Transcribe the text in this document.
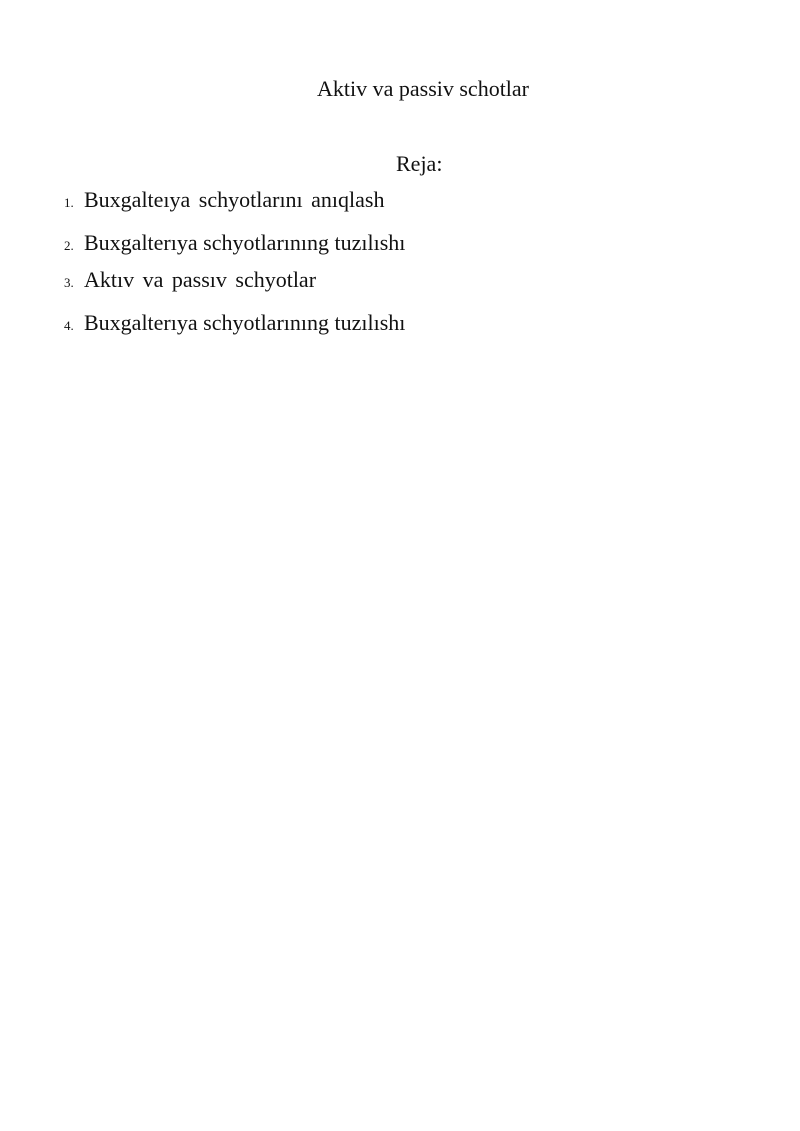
Aktiv va passiv schotlar
Reja:
1. Buxgalteıya schyotlarını anıqlash
2. Buxgalterıya schyotlarınıng tuzılıshı
3. Aktıv va passıv schyotlar
4. Buxgalterıya schyotlarınıng tuzılıshı
